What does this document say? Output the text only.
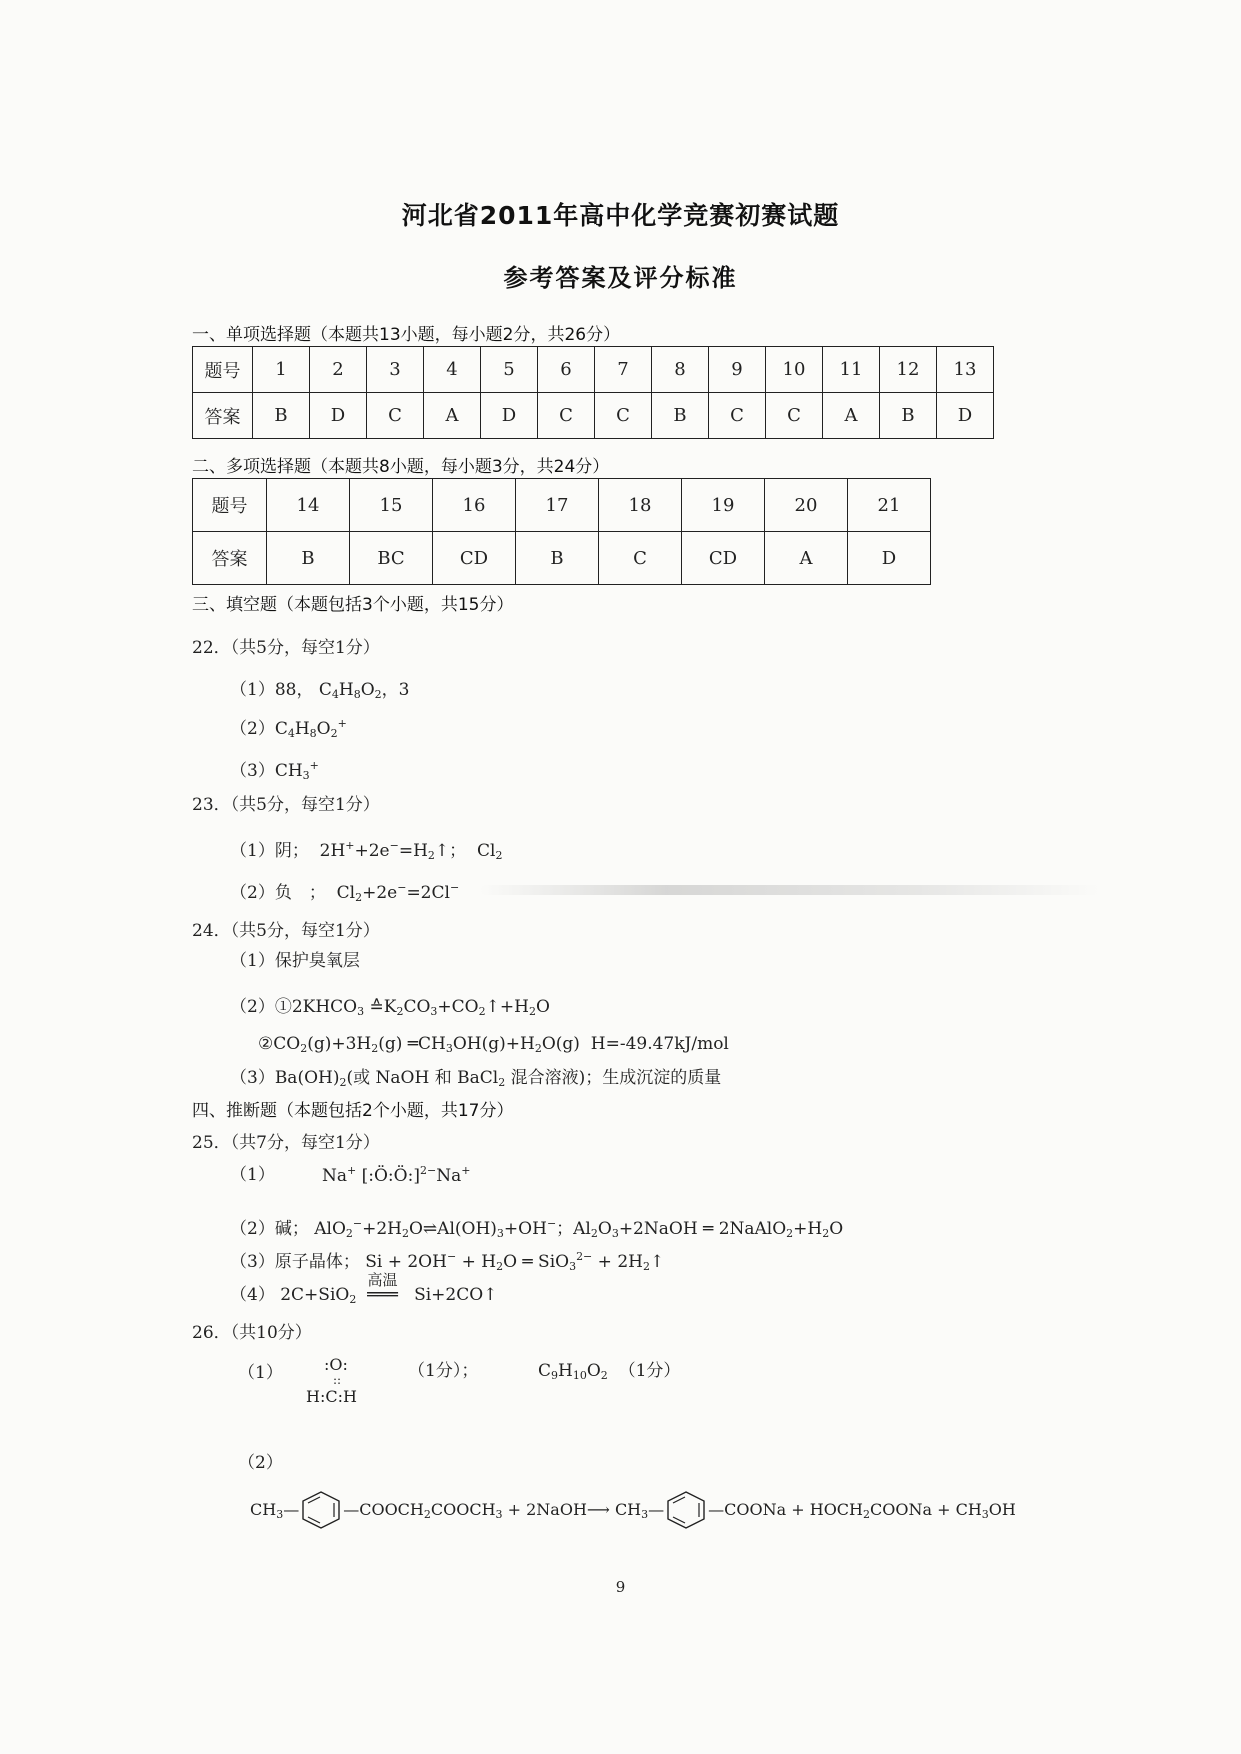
河北省2011年高中化学竞赛初赛试题
参考答案及评分标准
一、单项选择题（本题共13小题，每小题2分，共26分）
题号	1	2	3	4	5	6	7	8	9	10	11	12	13
答案	B	D	C	A	D	C	C	B	C	C	A	B	D
二、多项选择题（本题共8小题，每小题3分，共24分）
题号	14	15	16	17	18	19	20	21
答案	B	BC	CD	B	C	CD	A	D
三、填空题（本题包括3个小题，共15分）
22．（共5分，每空1分）
（1）88， $C_4H_8O_2$，3
$(2)C_4H_8O_2^+$
$(3)CH_3^+$
23．（共5分，每空1分）
（1）阴；  $2H^++2e^-=H_2↑$；  $Cl_2$
（2）负　；  $Cl_2+2e^-=2Cl^-$
24．（共5分，每空1分）
（1）保护臭氧层
$(2)①2KHCO_3$ $≙K_2CO_3+CO_2↑+H_2O$
$②CO_2(g)+3H_2(g)$ $═CH_3OH(g)+H_2O(g)$  H=-49.47kJ/mol
$(3)Ba(OH)_2$(或 NaOH 和 BaCl$_2$ 混合溶液)；生成沉淀的质量
四、推断题（本题包括2个小题，共17分）
25．（共7分，每空1分）
（1）	Na+ [:Ö:Ö:]$^{2-}$Na+
（2）碱； $AlO_2^-+2H_2O\rightleftharpoons Al(OH)_3+OH^-$；$Al_2O_3+2NaOH$ ═ $2NaAlO_2+H_2O$
（3）原子晶体； $Si + 2OH^- + H_2O$ ═ $SiO_3^{2-} + 2H_2↑$
（4） 2C+SiO$_2$
高温
═══   Si+2CO↑
26．（共10分）
（1）	:O:
::
H:C:H
（1分）；	$C_9H_{10}O_2$ （1分）
（2）
$CH_3—$	$—COOCH_2COOCH_3$ + 2NaOH⟶ $CH_3—$	—COONa + $HOCH_2COONa + CH_3OH$
9
